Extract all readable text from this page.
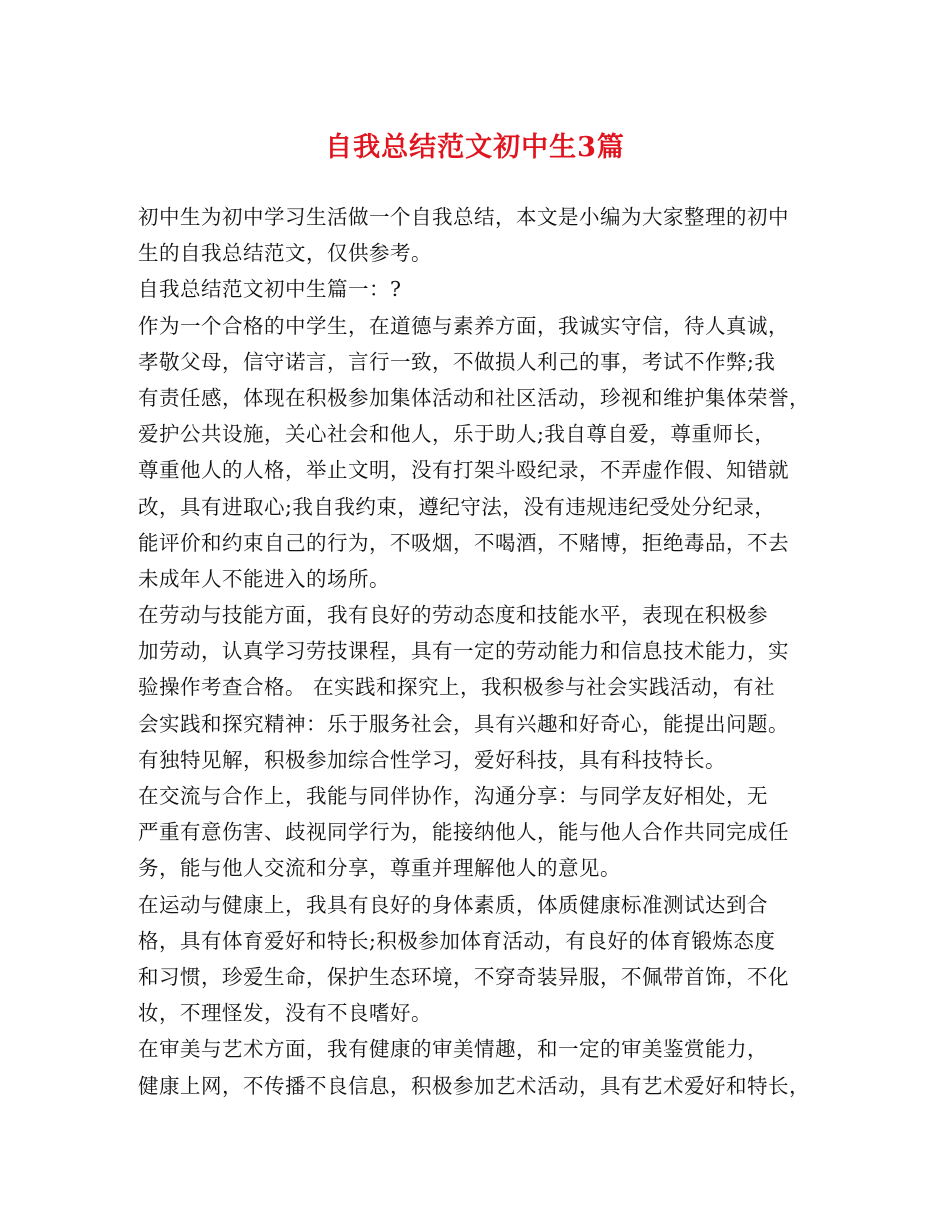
自我总结范文初中生3篇
初中生为初中学习生活做一个自我总结，本文是小编为大家整理的初中
生的自我总结范文，仅供参考。
自我总结范文初中生篇一：?
作为一个合格的中学生，在道德与素养方面，我诚实守信，待人真诚，
孝敬父母，信守诺言，言行一致，不做损人利己的事，考试不作弊;我
有责任感，体现在积极参加集体活动和社区活动，珍视和维护集体荣誉，
爱护公共设施，关心社会和他人，乐于助人;我自尊自爱，尊重师长，
尊重他人的人格，举止文明，没有打架斗殴纪录，不弄虚作假、知错就
改，具有进取心;我自我约束，遵纪守法，没有违规违纪受处分纪录，
能评价和约束自己的行为，不吸烟，不喝酒，不赌博，拒绝毒品，不去
未成年人不能进入的场所。
在劳动与技能方面，我有良好的劳动态度和技能水平，表现在积极参
加劳动，认真学习劳技课程，具有一定的劳动能力和信息技术能力，实
验操作考查合格。 在实践和探究上，我积极参与社会实践活动，有社
会实践和探究精神：乐于服务社会，具有兴趣和好奇心，能提出问题。
有独特见解，积极参加综合性学习，爱好科技，具有科技特长。
在交流与合作上，我能与同伴协作，沟通分享：与同学友好相处，无
严重有意伤害、歧视同学行为，能接纳他人，能与他人合作共同完成任
务，能与他人交流和分享，尊重并理解他人的意见。
在运动与健康上，我具有良好的身体素质，体质健康标准测试达到合
格，具有体育爱好和特长;积极参加体育活动，有良好的体育锻炼态度
和习惯，珍爱生命，保护生态环境，不穿奇装异服，不佩带首饰，不化
妆，不理怪发，没有不良嗜好。
在审美与艺术方面，我有健康的审美情趣，和一定的审美鉴赏能力，
健康上网，不传播不良信息，积极参加艺术活动，具有艺术爱好和特长，
